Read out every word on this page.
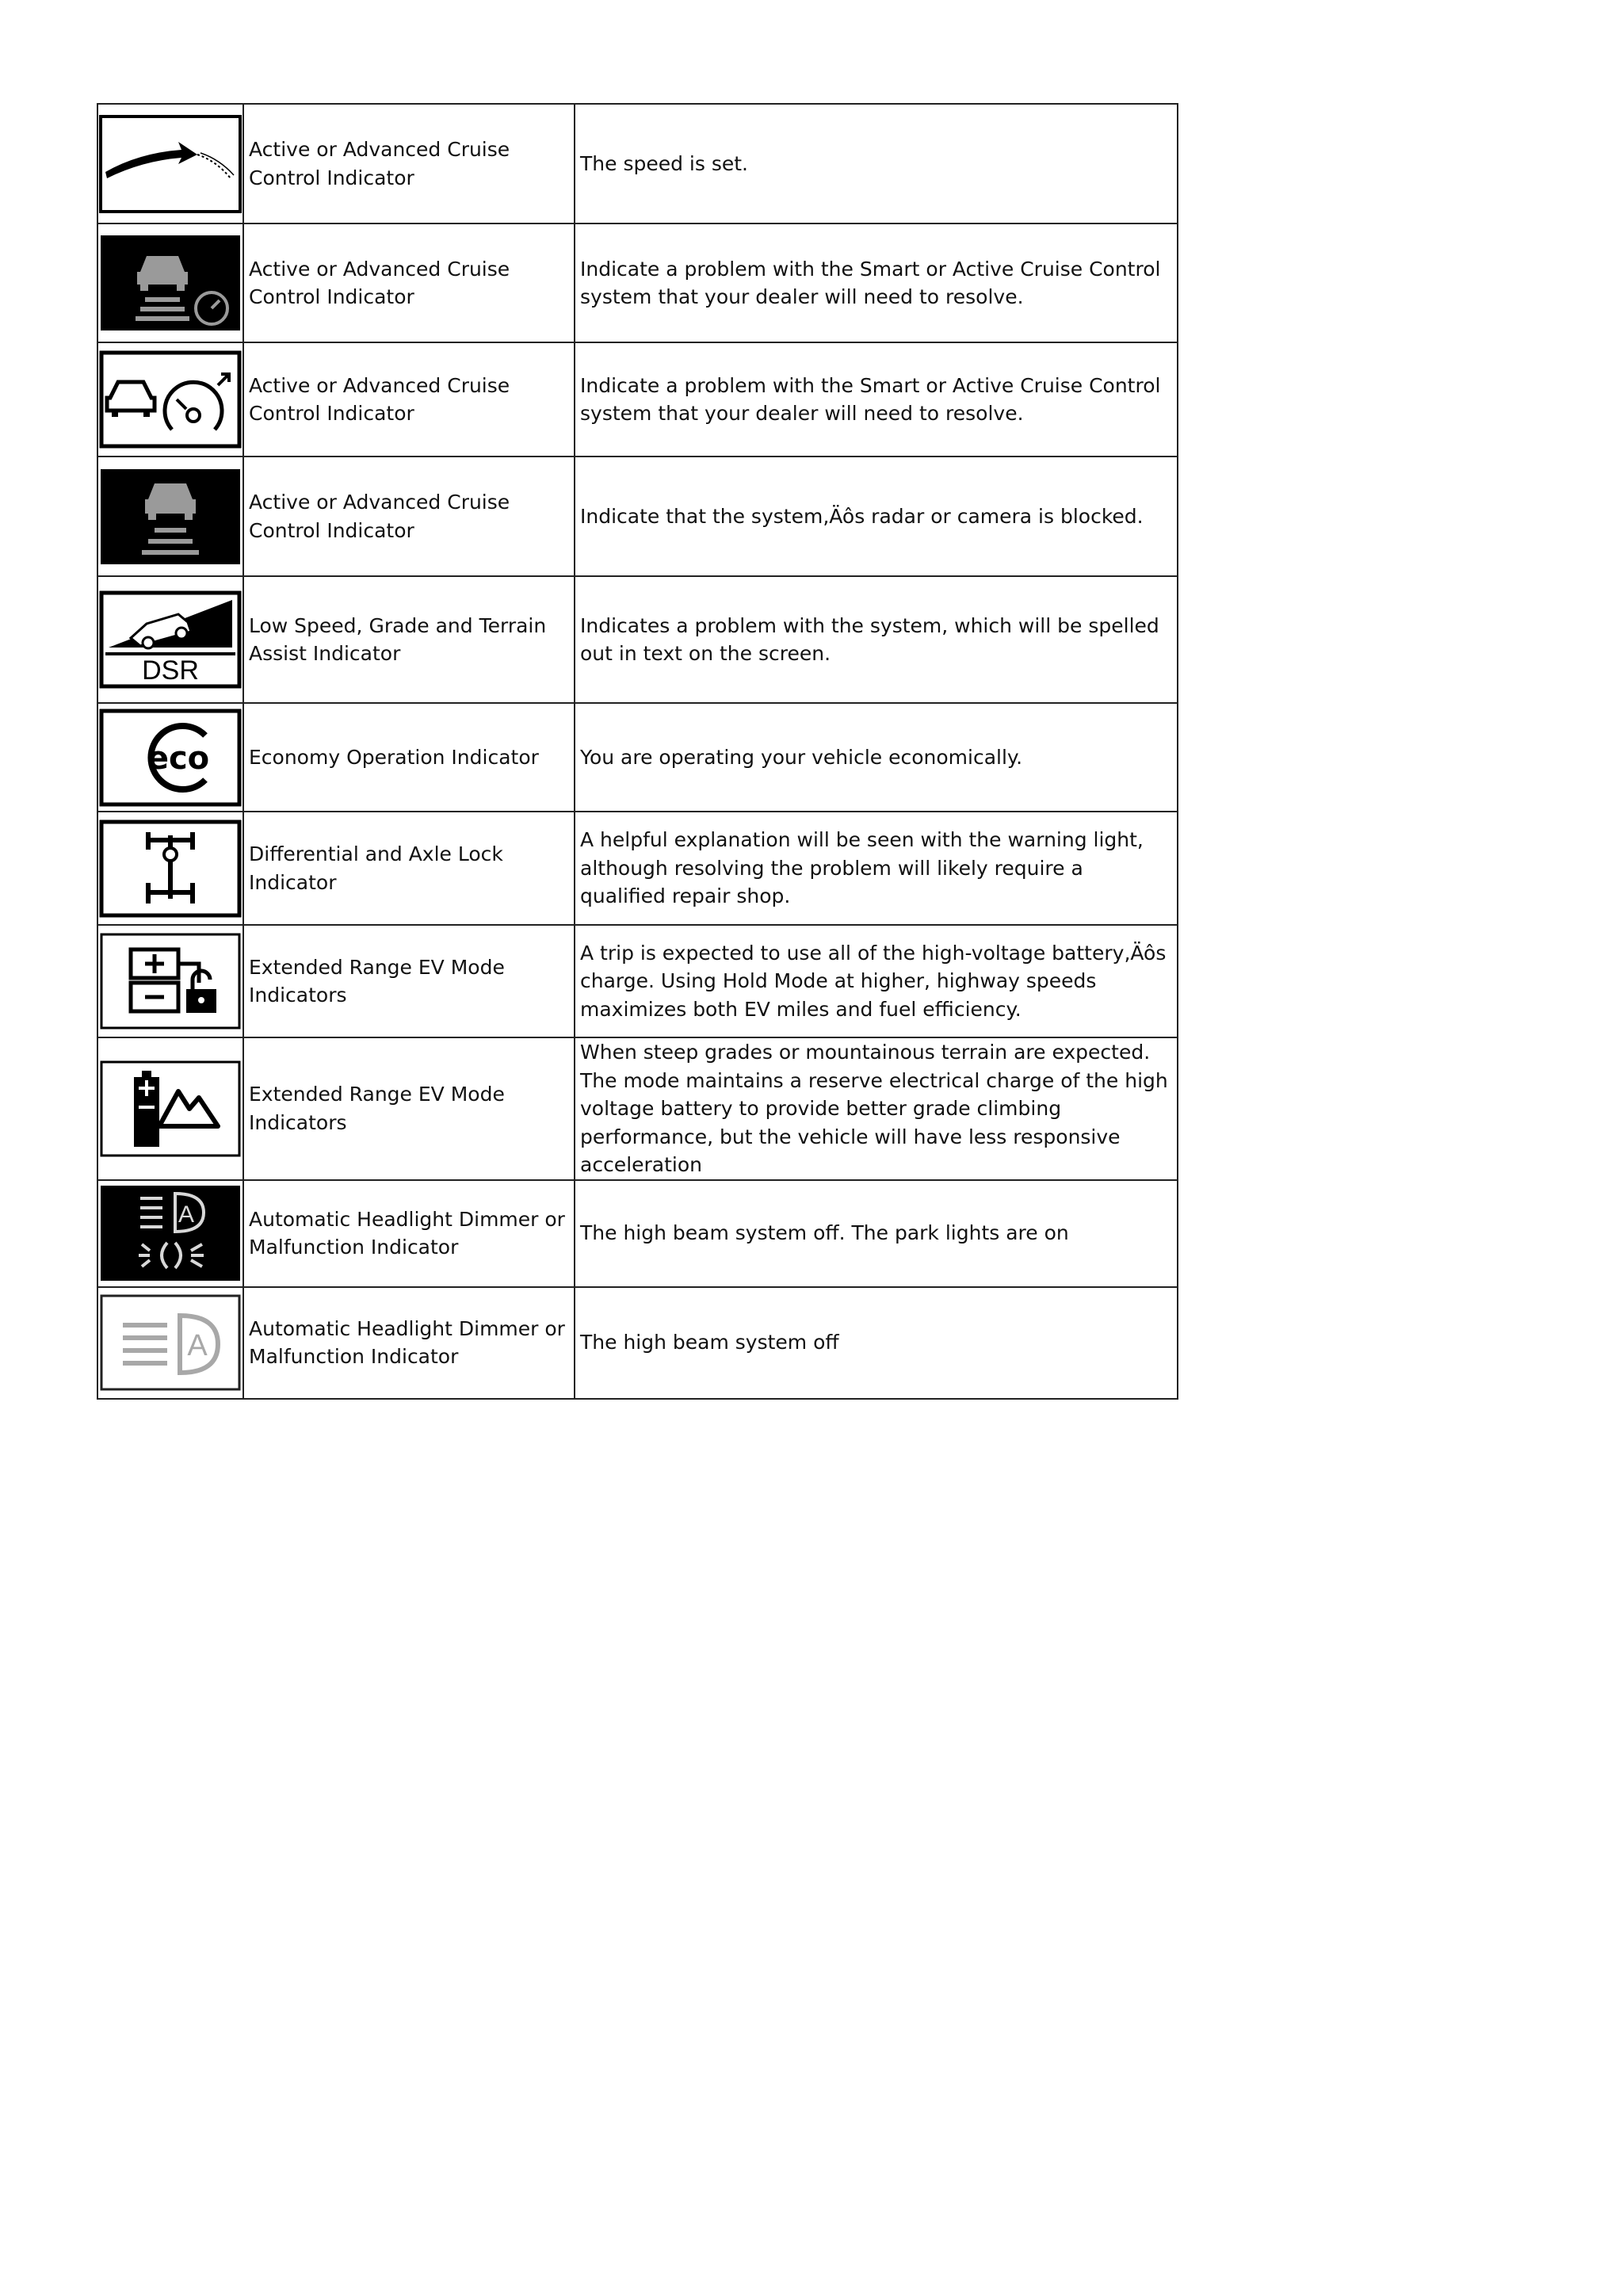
	Active or Advanced Cruise Control Indicator	The speed is set.

	Active or Advanced Cruise Control Indicator	Indicate a problem with the Smart or Active Cruise Control system that your dealer will need to resolve.

	Active or Advanced Cruise Control Indicator	Indicate a problem with the Smart or Active Cruise Control system that your dealer will need to resolve.

	Active or Advanced Cruise Control Indicator	Indicate that the system‚Äôs radar or camera is blocked.

DSR	Low Speed, Grade and Terrain Assist Indicator	Indicates a problem with the system, which will be spelled out in text on the screen.

eco	Economy Operation Indicator	You are operating your vehicle economically.

	Differential and Axle Lock Indicator	A helpful explanation will be seen with the warning light, although resolving the problem will likely require a qualified repair shop.

	Extended Range EV Mode Indicators	A trip is expected to use all of the high-voltage battery‚Äôs charge. Using Hold Mode at higher, highway speeds maximizes both EV miles and fuel efficiency.

	Extended Range EV Mode Indicators	When steep grades or mountainous terrain are expected. The mode maintains a reserve electrical charge of the high voltage battery to provide better grade climbing performance, but the vehicle will have less responsive acceleration

A	Automatic Headlight Dimmer or Malfunction Indicator	The high beam system off. The park lights are on

A	Automatic Headlight Dimmer or Malfunction Indicator	The high beam system off
